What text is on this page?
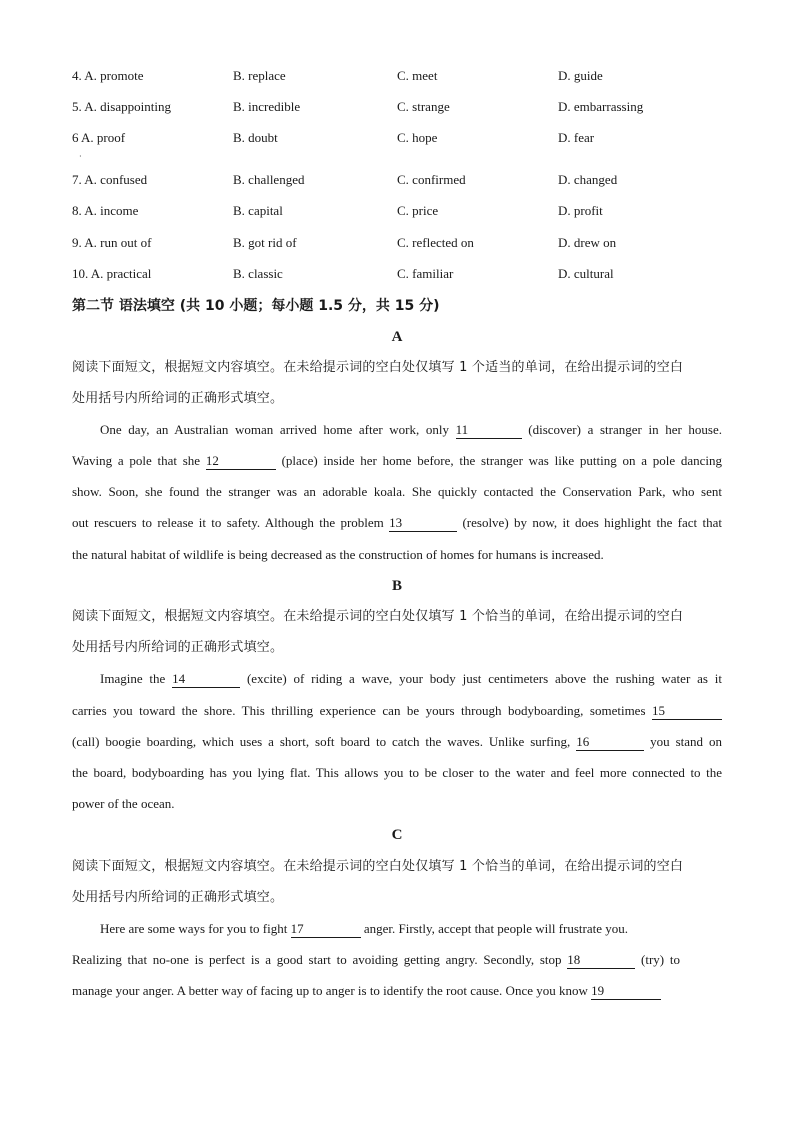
4. A. promote	B. replace	C. meet	D. guide
5. A. disappointing	B. incredible	C. strange	D. embarrassing
6 A. proof	B. doubt	C. hope	D. fear
·
7. A. confused	B. challenged	C. confirmed	D. changed
8. A. income	B. capital	C. price	D. profit
9. A. run out of	B. got rid of	C. reflected on	D. drew on
10. A. practical	B. classic	C. familiar	D. cultural
第二节 语法填空 (共 10 小题；每小题 1.5 分，共 15 分)
A
阅读下面短文，根据短文内容填空。在未给提示词的空白处仅填写 1 个适当的单词，在给出提示词的空白
处用括号内所给词的正确形式填空。
One day, an Australian woman arrived home after work, only 11	(discover) a stranger in her house.
Waving a pole that she 12	(place) inside her home before, the stranger was like putting on a pole dancing
show. Soon, she found the stranger was an adorable koala. She quickly contacted the Conservation Park, who sent
out rescuers to release it to safety. Although the problem 13	(resolve) by now, it does highlight the fact that
the natural habitat of wildlife is being decreased as the construction of homes for humans is increased.
B
阅读下面短文，根据短文内容填空。在未给提示词的空白处仅填写 1 个恰当的单词，在给出提示词的空白
处用括号内所给词的正确形式填空。
Imagine the 14	(excite) of riding a wave, your body just centimeters above the rushing water as it
carries you toward the shore. This thrilling experience can be yours through bodyboarding, sometimes 15
(call) boogie boarding, which uses a short, soft board to catch the waves. Unlike surfing, 16	you stand on
the board, bodyboarding has you lying flat. This allows you to be closer to the water and feel more connected to the
power of the ocean.
C
阅读下面短文，根据短文内容填空。在未给提示词的空白处仅填写 1 个恰当的单词，在给出提示词的空白
处用括号内所给词的正确形式填空。
Here are some ways for you to fight 17	anger. Firstly, accept that people will frustrate you.
Realizing that no-one is perfect is a good start to avoiding getting angry. Secondly, stop 18	(try) to
manage your anger. A better way of facing up to anger is to identify the root cause. Once you know 19
